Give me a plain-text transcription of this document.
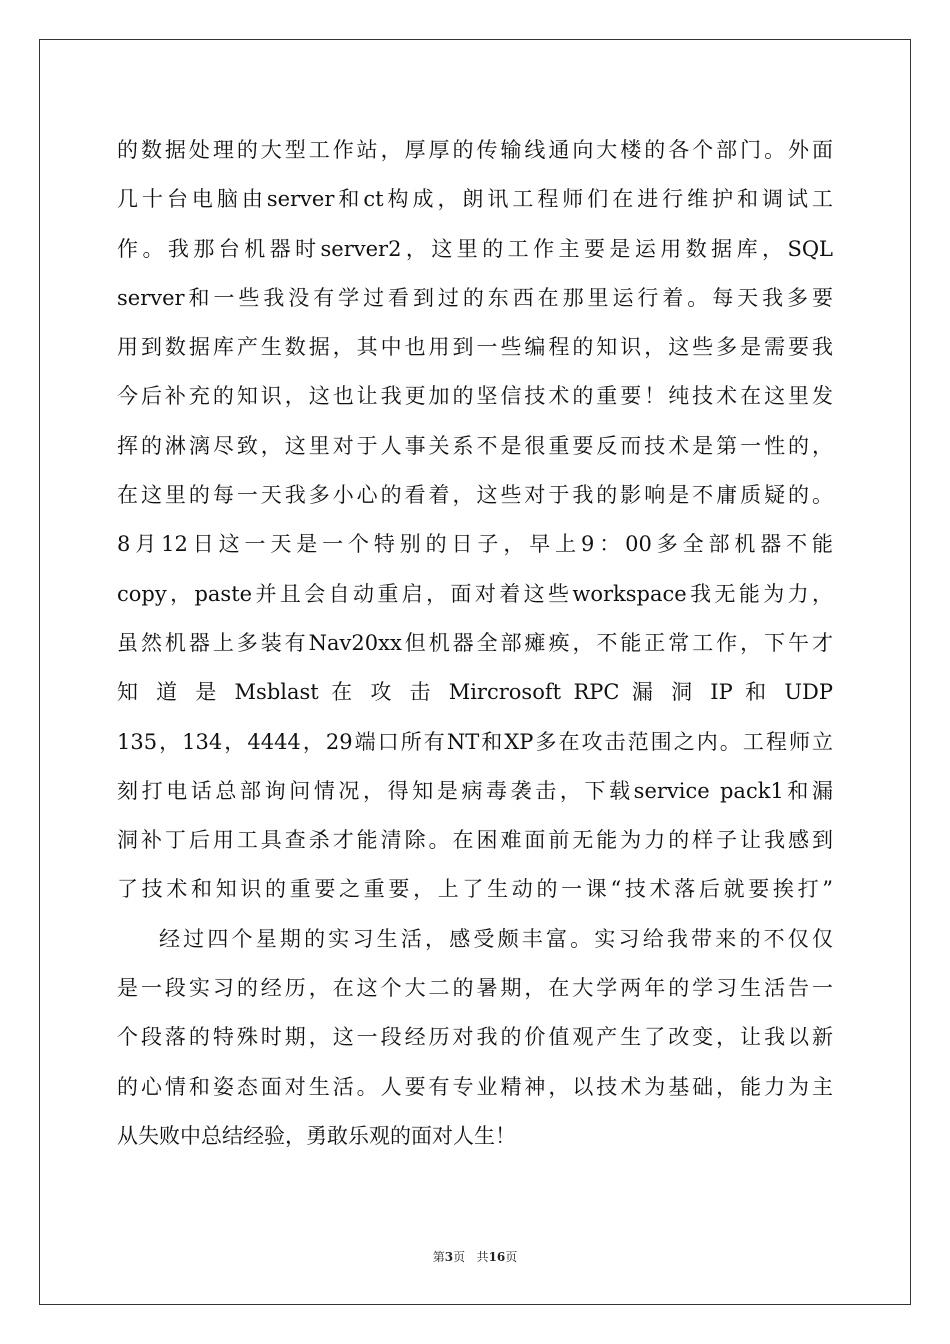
的数据处理的大型工作站，厚厚的传输线通向大楼的各个部门。外面
几十台电脑由server和ct构成，朗讯工程师们在进行维护和调试工
作。我那台机器时server2，这里的工作主要是运用数据库，SQL
server和一些我没有学过看到过的东西在那里运行着。每天我多要
用到数据库产生数据，其中也用到一些编程的知识，这些多是需要我
今后补充的知识，这也让我更加的坚信技术的重要！纯技术在这里发
挥的淋漓尽致，这里对于人事关系不是很重要反而技术是第一性的，
在这里的每一天我多小心的看着，这些对于我的影响是不庸质疑的。
8月12日这一天是一个特别的日子，早上9：00多全部机器不能
copy，paste并且会自动重启，面对着这些workspace我无能为力，
虽然机器上多装有Nav20xx但机器全部瘫痪，不能正常工作，下午才
知 道 是 Msblast 在 攻 击 Mircrosoft RPC 漏 洞 IP 和 UDP
135，134，4444，29端口所有NT和XP多在攻击范围之内。工程师立
刻打电话总部询问情况，得知是病毒袭击，下载service pack1和漏
洞补丁后用工具查杀才能清除。在困难面前无能为力的样子让我感到
了技术和知识的重要之重要，上了生动的一课“技术落后就要挨打”
经过四个星期的实习生活，感受颇丰富。实习给我带来的不仅仅
是一段实习的经历，在这个大二的暑期，在大学两年的学习生活告一
个段落的特殊时期，这一段经历对我的价值观产生了改变，让我以新
的心情和姿态面对生活。人要有专业精神，以技术为基础，能力为主
从失败中总结经验，勇敢乐观的面对人生！
第3页 共16页
